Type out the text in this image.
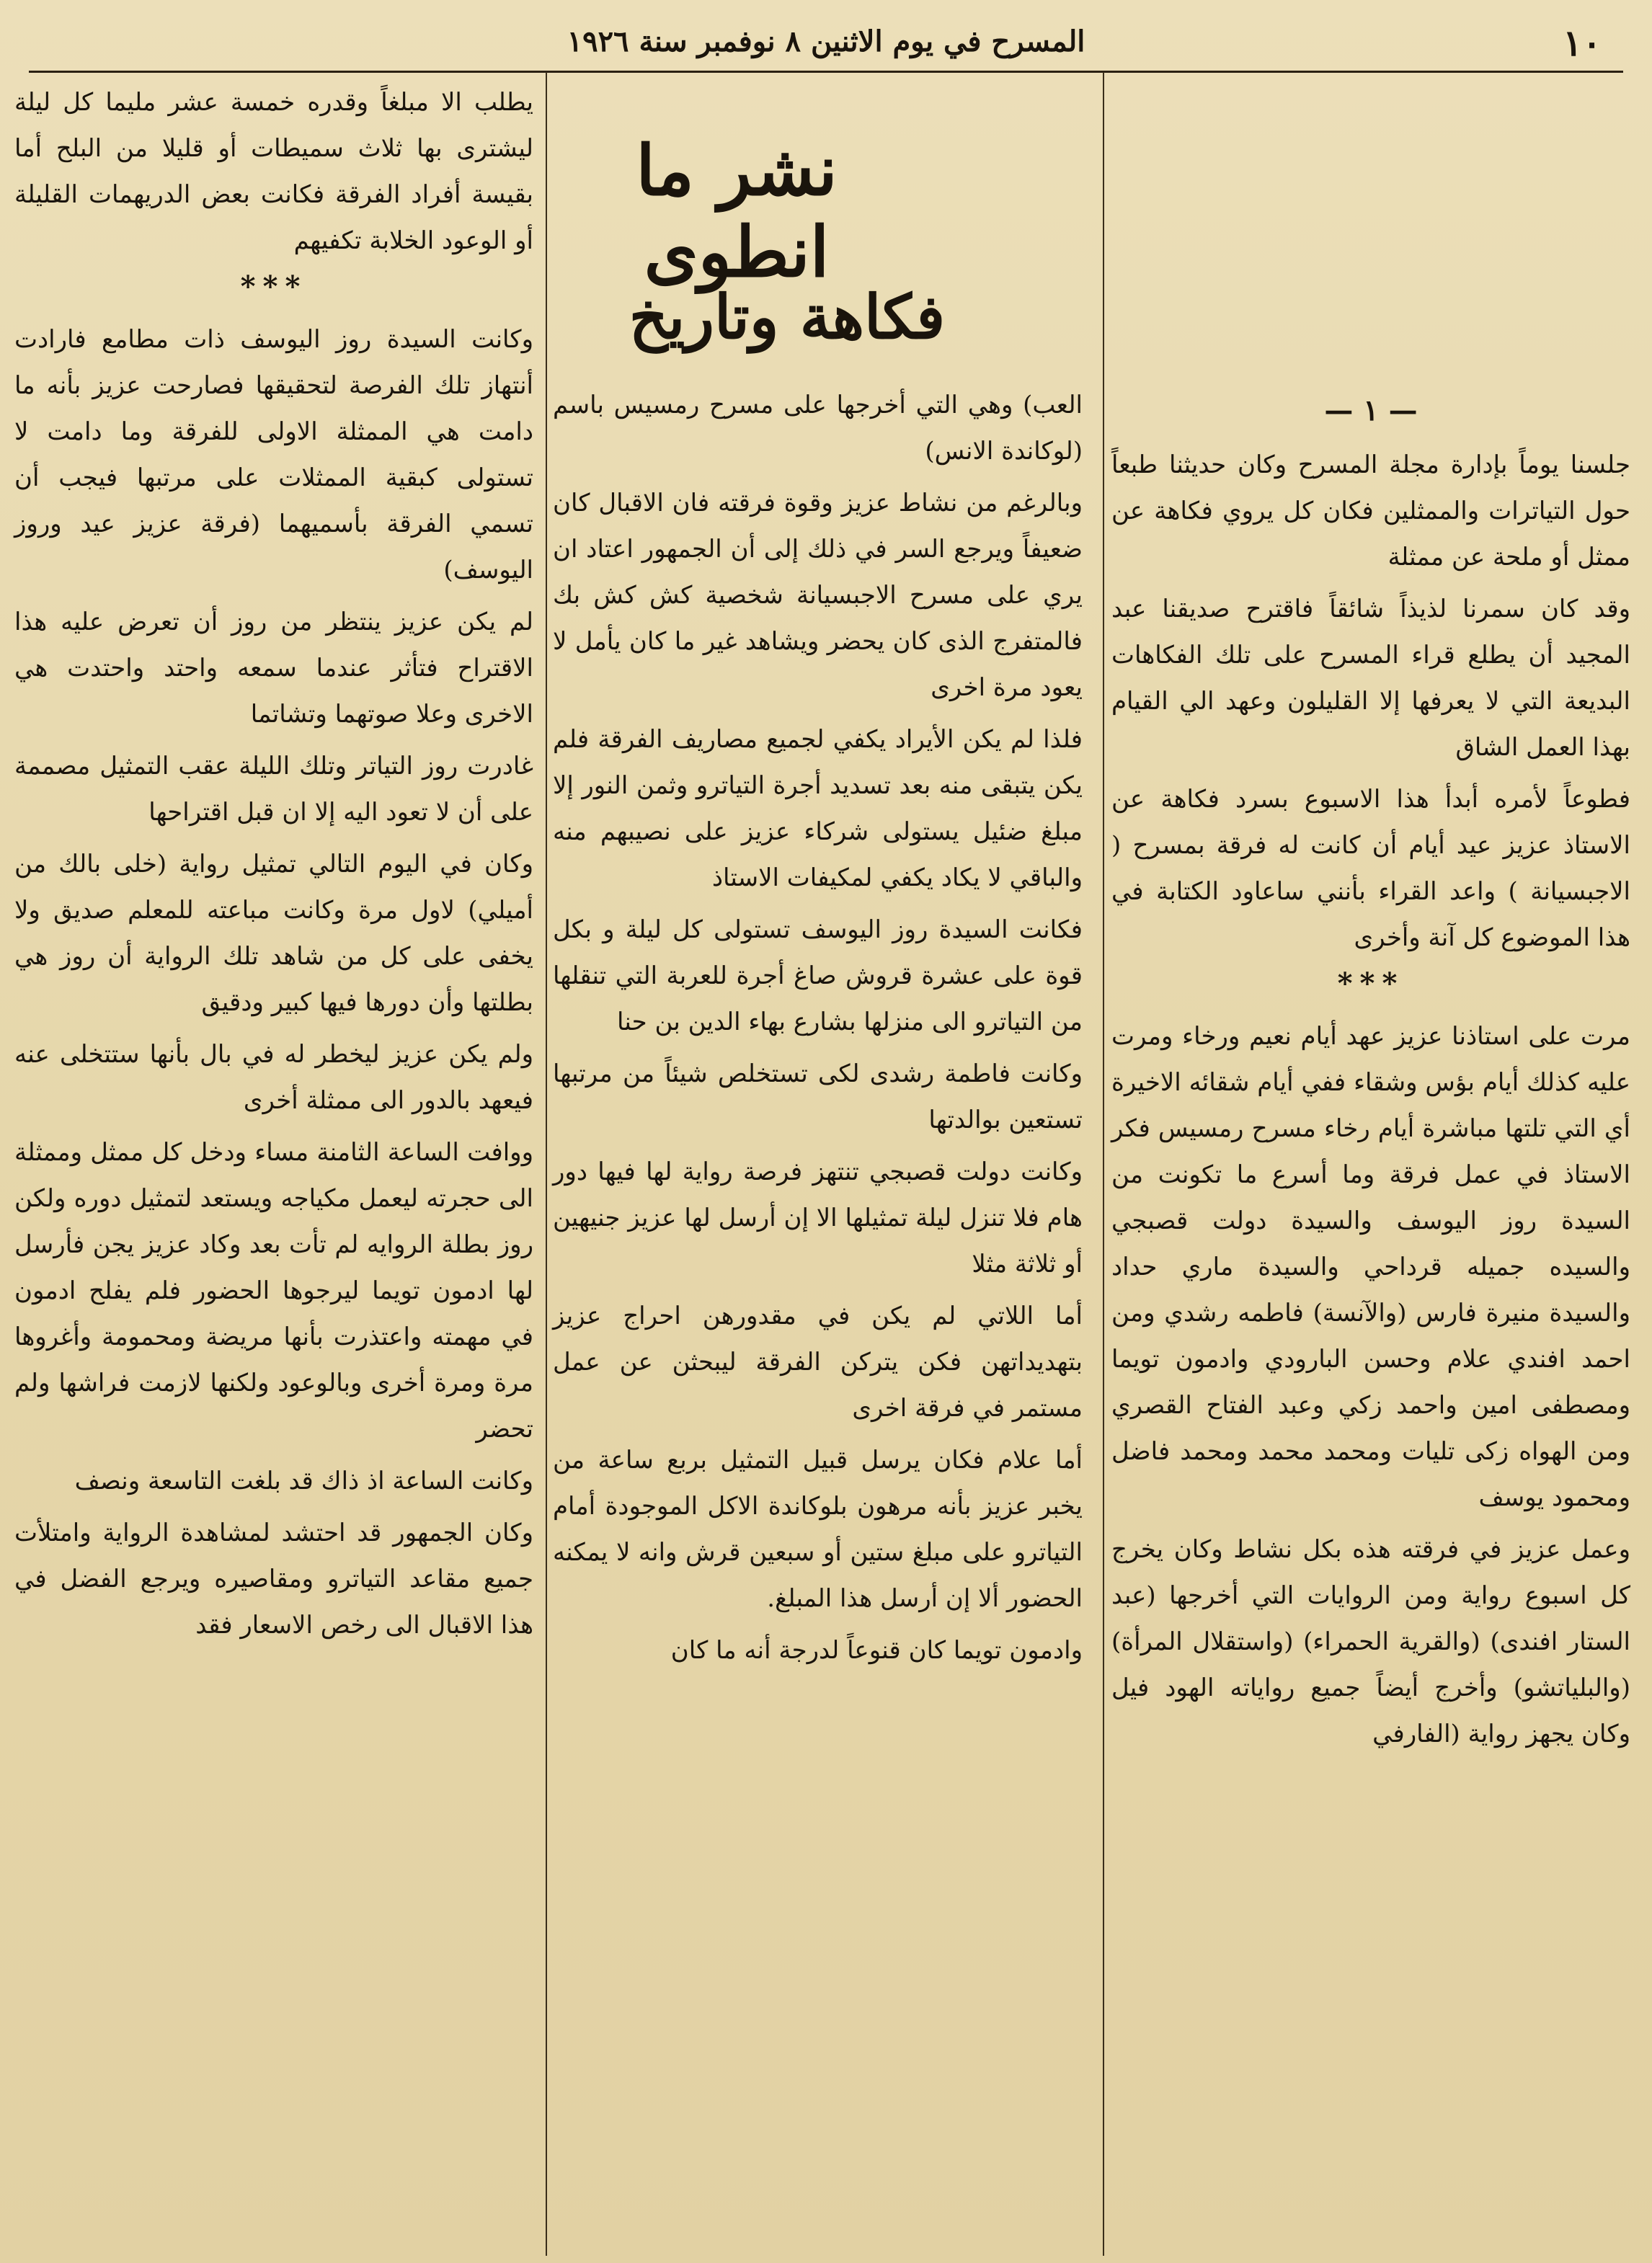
١٠
المسرح في يوم الاثنين ٨ نوفمبر سنة ١٩٢٦
نشر ما انطوى
فكاهة وتاريخ
— ١ —

جلسنا يوماً بإدارة مجلة المسرح وكان حديثنا طبعاً حول التياترات والممثلين فكان كل يروي فكاهة عن ممثل أو ملحة عن ممثلة

وقد كان سمرنا لذيذاً شائقاً فاقترح صديقنا عبد المجيد أن يطلع قراء المسرح على تلك الفكاهات البديعة التي لا يعرفها إلا القليلون وعهد الي القيام بهذا العمل الشاق

فطوعاً لأمره أبدأ هذا الاسبوع بسرد فكاهة عن الاستاذ عزيز عيد أيام أن كانت له فرقة بمسرح ( الاجبسيانة ) واعد القراء بأنني ساعاود الكتابة في هذا الموضوع كل آنة وأخرى

***

مرت على استاذنا عزيز عهد أيام نعيم ورخاء ومرت عليه كذلك أيام بؤس وشقاء ففي أيام شقائه الاخيرة أي التي تلتها مباشرة أيام رخاء مسرح رمسيس فكر الاستاذ في عمل فرقة وما أسرع ما تكونت من السيدة روز اليوسف والسيدة دولت قصبجي والسيده جميله قرداحي والسيدة ماري حداد والسيدة منيرة فارس (والآنسة) فاطمه رشدي ومن احمد افندي علام وحسن البارودي وادمون تويما ومصطفى امين واحمد زكي وعبد الفتاح القصري ومن الهواه زكى تليات ومحمد محمد ومحمد فاضل ومحمود يوسف

وعمل عزيز في فرقته هذه بكل نشاط وكان يخرج كل اسبوع رواية ومن الروايات التي أخرجها (عبد الستار افندى) (والقرية الحمراء) (واستقلال المرأة) (والبلياتشو) وأخرج أيضاً جميع رواياته الهود فيل وكان يجهز رواية (الفارفي

العب) وهي التي أخرجها على مسرح رمسيس باسم (لوكاندة الانس)

وبالرغم من نشاط عزيز وقوة فرقته فان الاقبال كان ضعيفاً ويرجع السر في ذلك إلى أن الجمهور اعتاد ان يري على مسرح الاجبسيانة شخصية كش كش بك فالمتفرج الذى كان يحضر ويشاهد غير ما كان يأمل لا يعود مرة اخرى

فلذا لم يكن الأيراد يكفي لجميع مصاريف الفرقة فلم يكن يتبقى منه بعد تسديد أجرة التياترو وثمن النور إلا مبلغ ضئيل يستولى شركاء عزيز على نصيبهم منه والباقي لا يكاد يكفي لمكيفات الاستاذ

فكانت السيدة روز اليوسف تستولى كل ليلة و بكل قوة على عشرة قروش صاغ أجرة للعربة التي تنقلها من التياترو الى منزلها بشارع بهاء الدين بن حنا

وكانت فاطمة رشدى لكى تستخلص شيئاً من مرتبها تستعين بوالدتها

وكانت دولت قصبجي تنتهز فرصة رواية لها فيها دور هام فلا تنزل ليلة تمثيلها الا إن أرسل لها عزيز جنيهين أو ثلاثة مثلا

أما اللاتي لم يكن في مقدورهن احراج عزيز بتهديداتهن فكن يتركن الفرقة ليبحثن عن عمل مستمر في فرقة اخرى

أما علام فكان يرسل قبيل التمثيل بربع ساعة من يخبر عزيز بأنه مرهون بلوكاندة الاكل الموجودة أمام التياترو على مبلغ ستين أو سبعين قرش وانه لا يمكنه الحضور ألا إن أرسل هذا المبلغ.

وادمون تويما كان قنوعاً لدرجة أنه ما كان

يطلب الا مبلغاً وقدره خمسة عشر مليما كل ليلة ليشترى بها ثلاث سميطات أو قليلا من البلح أما بقيسة أفراد الفرقة فكانت بعض الدريهمات القليلة أو الوعود الخلابة تكفيهم

***

وكانت السيدة روز اليوسف ذات مطامع فارادت أنتهاز تلك الفرصة لتحقيقها فصارحت عزيز بأنه ما دامت هي الممثلة الاولى للفرقة وما دامت لا تستولى كبقية الممثلات على مرتبها فيجب أن تسمي الفرقة بأسميهما (فرقة عزيز عيد وروز اليوسف)

لم يكن عزيز ينتظر من روز أن تعرض عليه هذا الاقتراح فتأثر عندما سمعه واحتد واحتدت هي الاخرى وعلا صوتهما وتشاتما

غادرت روز التياتر وتلك الليلة عقب التمثيل مصممة على أن لا تعود اليه إلا ان قبل اقتراحها

وكان في اليوم التالي تمثيل رواية (خلى بالك من أميلي) لاول مرة وكانت مباعته للمعلم صديق ولا يخفى على كل من شاهد تلك الرواية أن روز هي بطلتها وأن دورها فيها كبير ودقيق

ولم يكن عزيز ليخطر له في بال بأنها ستتخلى عنه فيعهد بالدور الى ممثلة أخرى

ووافت الساعة الثامنة مساء ودخل كل ممثل وممثلة الى حجرته ليعمل مكياجه ويستعد لتمثيل دوره ولكن روز بطلة الروايه لم تأت بعد وكاد عزيز يجن فأرسل لها ادمون تويما ليرجوها الحضور فلم يفلح ادمون في مهمته واعتذرت بأنها مريضة ومحمومة وأغروها مرة ومرة أخرى وبالوعود ولكنها لازمت فراشها ولم تحضر

وكانت الساعة اذ ذاك قد بلغت التاسعة ونصف

وكان الجمهور قد احتشد لمشاهدة الرواية وامتلأت جميع مقاعد التياترو ومقاصيره ويرجع الفضل في هذا الاقبال الى رخص الاسعار فقد
